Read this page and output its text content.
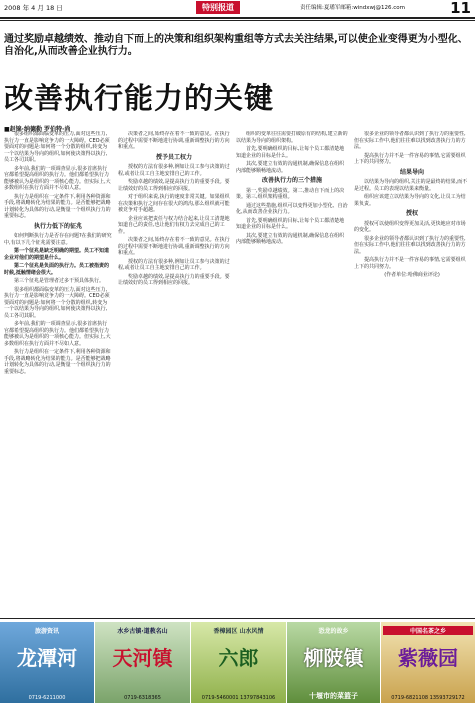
2008 年 4 月 18 日	特别报道	责任编辑:夏璠军邮箱:windxwj@126.com	11
通过奖励卓越绩效、推动自下而上的决策和组织架构重组等方式去关注结果,可以使企业变得更为小型化、自治化,从而改善企业执行力。
改善执行能力的关键
■赵锦·纳德勒 罗伯特·尚

很多组织都面临变革的压力,面对这些压力,执行力一直是影响竞争力的一大障碍。CEO必须要面对的问题是:如何将一个分散的组织,转变为一个以结果为导向的组织,如何使决策得以执行,员工各司其职。

多年前,我们的一项调查显示,很多首席执行官都希望提高组织的执行力。他们都希望执行力能够被认为是组织的一项核心能力。但实际上,大多数组织在执行方面并不尽如人意。

执行力是组织在一定条件下,利用各种资源和手段,将战略转化为结果的能力。是否能够把战略计划转化为具体的行动,是衡量一个组织执行力的重要标志。

执行力低下的征兆

如何判断执行力是否存在问题?在我们的研究中,有以下几个征兆需要注意。

第一个征兆是缺乏明确的期望。员工不知道企业对他们的期望是什么。

第二个征兆是负面的执行力。员工被指责的时候,抵触情绪会很大。

第三个征兆是管理者过多干预具体执行。

很多组织都面临变革的压力,面对这些压力,执行力一直是影响竞争力的一大障碍。CEO必须要面对的问题是:如何将一个分散的组织,转变为一个以结果为导向的组织,如何使决策得以执行,员工各司其职。

多年前,我们的一项调查显示,很多首席执行官都希望提高组织的执行力。他们都希望执行力能够被认为是组织的一项核心能力。但实际上,大多数组织在执行方面并不尽如人意。

执行力是组织在一定条件下,利用各种资源和手段,将战略转化为结果的能力。是否能够把战略计划转化为具体的行动,是衡量一个组织执行力的重要标志。

决策者之间,始终存在着不一致的意见。在执行的过程中需要不断地进行协调,重新调整执行的方向和重点。

授予员工权力

授权的方法有很多种,例如让员工参与决策的过程,或者让员工自主地安排自己的工作。

奖励卓越的绩效,是提高执行力的重要手段。要让绩效好的员工得到相应的回报。

对于组织来说,执行的速度非常关键。如果组织在决策和执行之间存在很大的鸿沟,那么组织就可能被竞争对手超越。

企业应该把责任与权力结合起来,让员工清楚地知道自己的责任,也让他们有权力去完成自己的工作。

决策者之间,始终存在着不一致的意见。在执行的过程中需要不断地进行协调,重新调整执行的方向和重点。

授权的方法有很多种,例如让员工参与决策的过程,或者让员工自主地安排自己的工作。

奖励卓越的绩效,是提高执行力的重要手段。要让绩效好的员工得到相应的回报。

组织的变革往往需要打破原有的结构,建立新的以结果为导向的组织架构。

首先,要明确组织的目标,让每个员工都清楚地知道企业的目标是什么。

其次,要建立有效的沟通机制,确保信息在组织内部能够顺畅地流动。

改善执行力的三个措施

第一,奖励卓越绩效。第二,推动自下而上的决策。第三,组织架构重组。

通过这些措施,组织可以变得更加小型化、自治化,从而改善企业执行力。

首先,要明确组织的目标,让每个员工都清楚地知道企业的目标是什么。

其次,要建立有效的沟通机制,确保信息在组织内部能够顺畅地流动。

很多企业的领导者都认识到了执行力的重要性,但在实际工作中,他们往往难以找到改善执行力的方法。

提高执行力并不是一件容易的事情,它需要组织上下的共同努力。

结果导向

以结果为导向的组织,关注的是最终的结果,而不是过程。员工的表现以结果来衡量。

组织应该建立以结果为导向的文化,让员工为结果负责。

授权

授权可以使组织变得更加灵活,更快地应对市场的变化。

很多企业的领导者都认识到了执行力的重要性,但在实际工作中,他们往往难以找到改善执行力的方法。

提高执行力并不是一件容易的事情,它需要组织上下的共同努力。

(作者单位:哈佛商业评论)

旅游资讯
龙潭河
0719-6211000
水乡古镇·道教名山
天河镇
0719-6318365
香樟园区 山水风情
六郎
0719-5460001 13797843106
恐龙的故乡
柳陂镇
十堰市的菜篮子
中国名茶之乡
紫薇园
0719-6821108 13593729172
